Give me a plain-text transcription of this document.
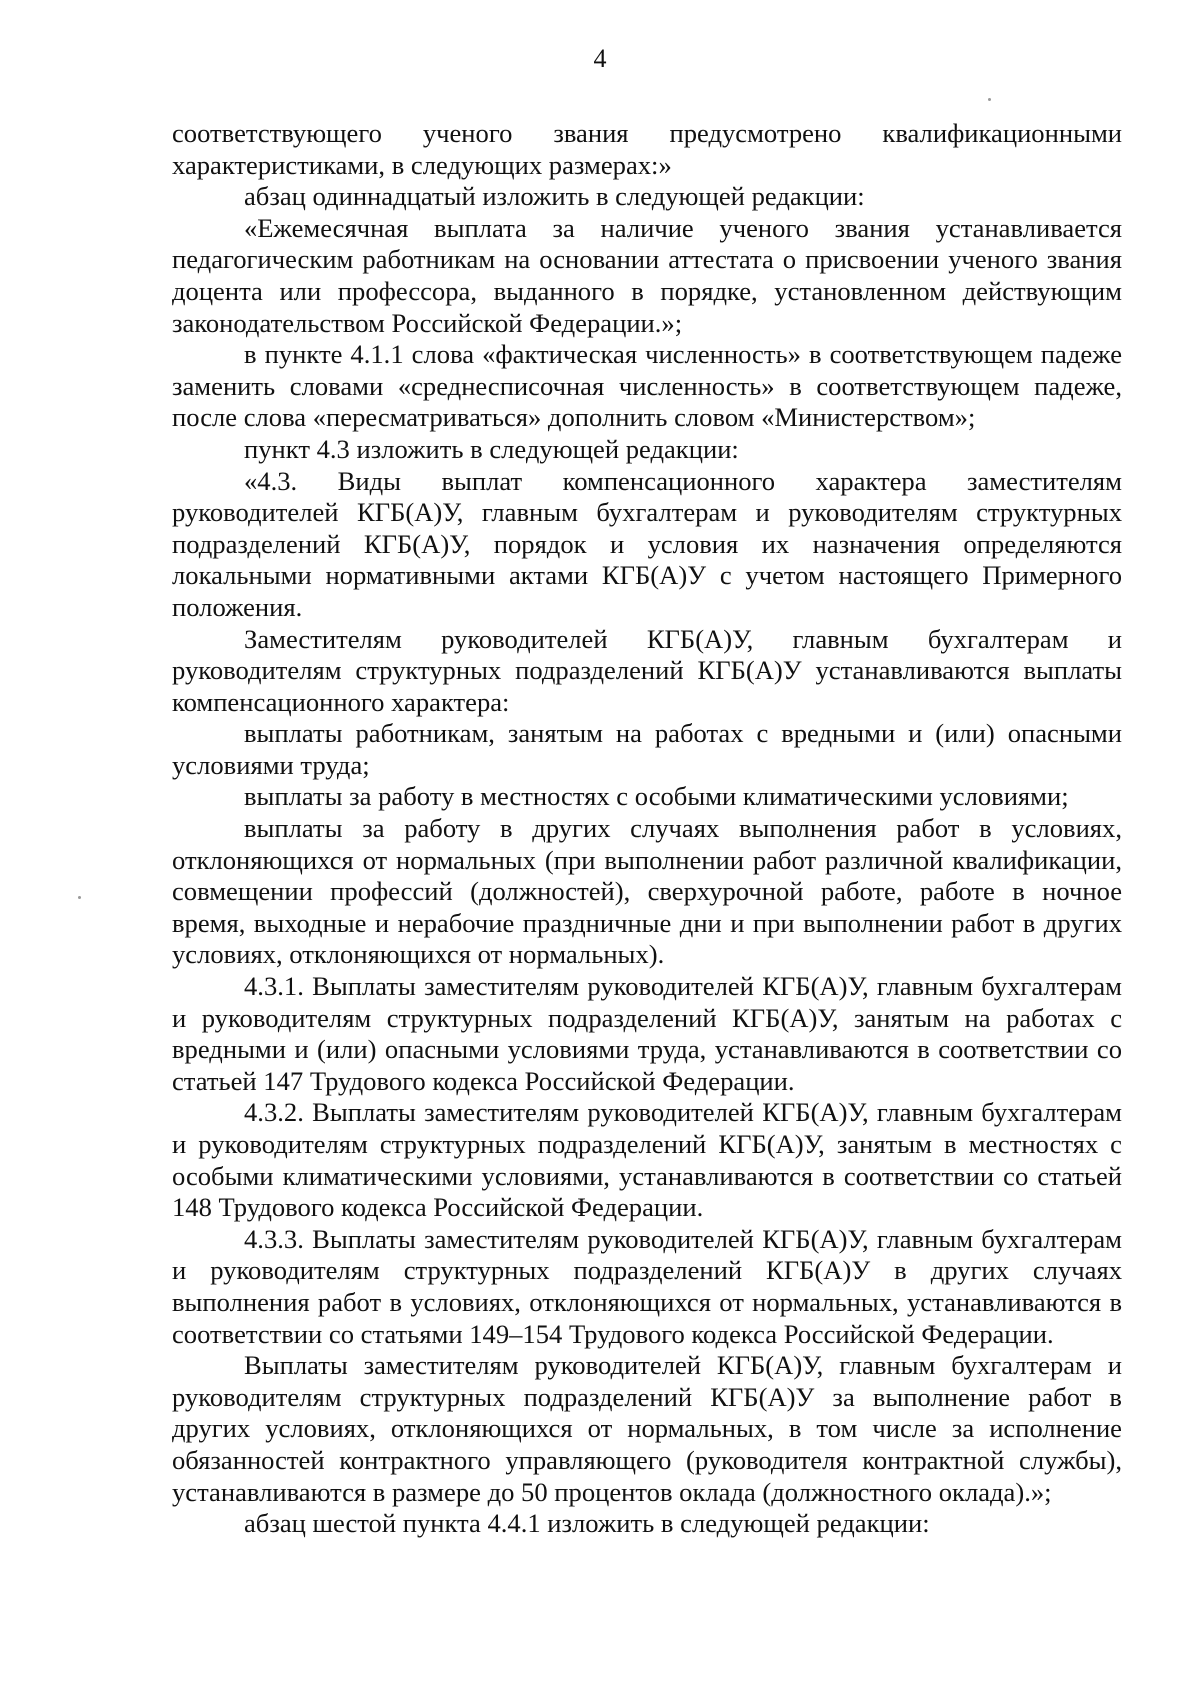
4

соответствующего ученого звания предусмотрено квалификационными характеристиками, в следующих размерах:»

абзац одиннадцатый изложить в следующей редакции:

«Ежемесячная выплата за наличие ученого звания устанавливается педагогическим работникам на основании аттестата о присвоении ученого звания доцента или профессора, выданного в порядке, установленном действующим законодательством Российской Федерации.»;

в пункте 4.1.1 слова «фактическая численность» в соответствующем падеже заменить словами «среднесписочная численность» в соответствующем падеже, после слова «пересматриваться» дополнить словом «Министерством»;

пункт 4.3 изложить в следующей редакции:

«4.3. Виды выплат компенсационного характера заместителям руководителей КГБ(А)У, главным бухгалтерам и руководителям структурных подразделений КГБ(А)У, порядок и условия их назначения определяются локальными нормативными актами КГБ(А)У с учетом настоящего Примерного положения.

Заместителям руководителей КГБ(А)У, главным бухгалтерам и руководителям структурных подразделений КГБ(А)У устанавливаются выплаты компенсационного характера:

выплаты работникам, занятым на работах с вредными и (или) опасными условиями труда;

выплаты за работу в местностях с особыми климатическими условиями;

выплаты за работу в других случаях выполнения работ в условиях, отклоняющихся от нормальных (при выполнении работ различной квалификации, совмещении профессий (должностей), сверхурочной работе, работе в ночное время, выходные и нерабочие праздничные дни и при выполнении работ в других условиях, отклоняющихся от нормальных).

4.3.1. Выплаты заместителям руководителей КГБ(А)У, главным бухгалтерам и руководителям структурных подразделений КГБ(А)У, занятым на работах с вредными и (или) опасными условиями труда, устанавливаются в соответствии со статьей 147 Трудового кодекса Российской Федерации.

4.3.2. Выплаты заместителям руководителей КГБ(А)У, главным бухгалтерам и руководителям структурных подразделений КГБ(А)У, занятым в местностях с особыми климатическими условиями, устанавливаются в соответствии со статьей 148 Трудового кодекса Российской Федерации.

4.3.3. Выплаты заместителям руководителей КГБ(А)У, главным бухгалтерам и руководителям структурных подразделений КГБ(А)У в других случаях выполнения работ в условиях, отклоняющихся от нормальных, устанавливаются в соответствии со статьями 149–154 Трудового кодекса Российской Федерации.

Выплаты заместителям руководителей КГБ(А)У, главным бухгалтерам и руководителям структурных подразделений КГБ(А)У за выполнение работ в других условиях, отклоняющихся от нормальных, в том числе за исполнение обязанностей контрактного управляющего (руководителя контрактной службы), устанавливаются в размере до 50 процентов оклада (должностного оклада).»;

абзац шестой пункта 4.4.1 изложить в следующей редакции:
